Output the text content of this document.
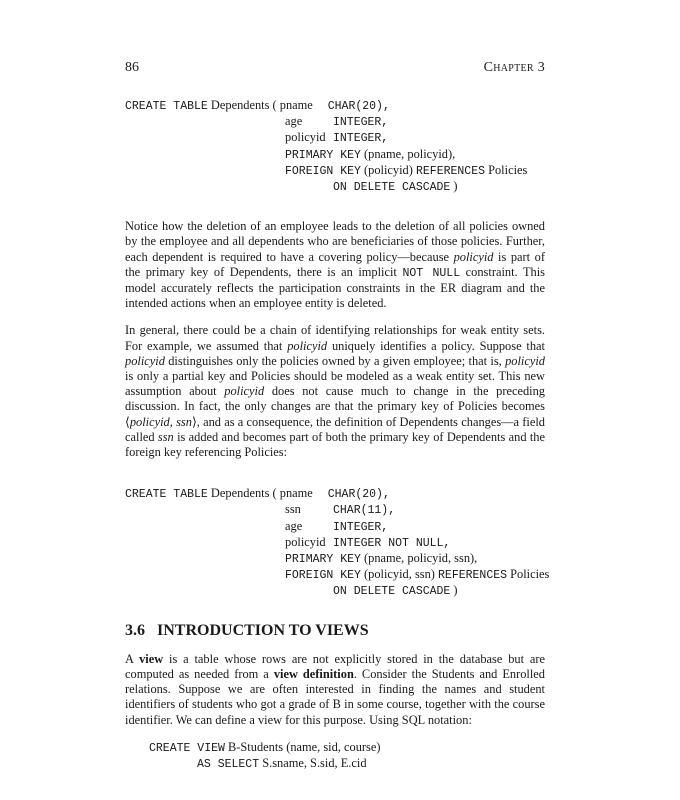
86	Chapter 3
CREATE TABLE Dependents ( pname CHAR(20),
age	INTEGER,
policyid INTEGER,
PRIMARY KEY (pname, policyid),
FOREIGN KEY (policyid) REFERENCES Policies
ON DELETE CASCADE )

Notice how the deletion of an employee leads to the deletion of all policies owned by the employee and all dependents who are beneficiaries of those policies. Further, each dependent is required to have a covering policy—because policyid is part of the primary key of Dependents, there is an implicit NOT NULL constraint. This model accurately reflects the participation constraints in the ER diagram and the intended actions when an employee entity is deleted.

In general, there could be a chain of identifying relationships for weak entity sets. For example, we assumed that policyid uniquely identifies a policy. Suppose that policyid distinguishes only the policies owned by a given employee; that is, policyid is only a partial key and Policies should be modeled as a weak entity set. This new assumption about policyid does not cause much to change in the preceding discussion. In fact, the only changes are that the primary key of Policies becomes ⟨policyid, ssn⟩, and as a consequence, the definition of Dependents changes—a field called ssn is added and becomes part of both the primary key of Dependents and the foreign key referencing Policies:

CREATE TABLE Dependents ( pname CHAR(20),
ssn	CHAR(11),
age	INTEGER,
policyid INTEGER NOT NULL,
PRIMARY KEY (pname, policyid, ssn),
FOREIGN KEY (policyid, ssn) REFERENCES Policies
ON DELETE CASCADE )
3.6 INTRODUCTION TO VIEWS

A view is a table whose rows are not explicitly stored in the database but are computed as needed from a view definition. Consider the Students and Enrolled relations. Suppose we are often interested in finding the names and student identifiers of students who got a grade of B in some course, together with the course identifier. We can define a view for this purpose. Using SQL notation:

CREATE VIEW B-Students (name, sid, course)
AS SELECT S.sname, S.sid, E.cid
